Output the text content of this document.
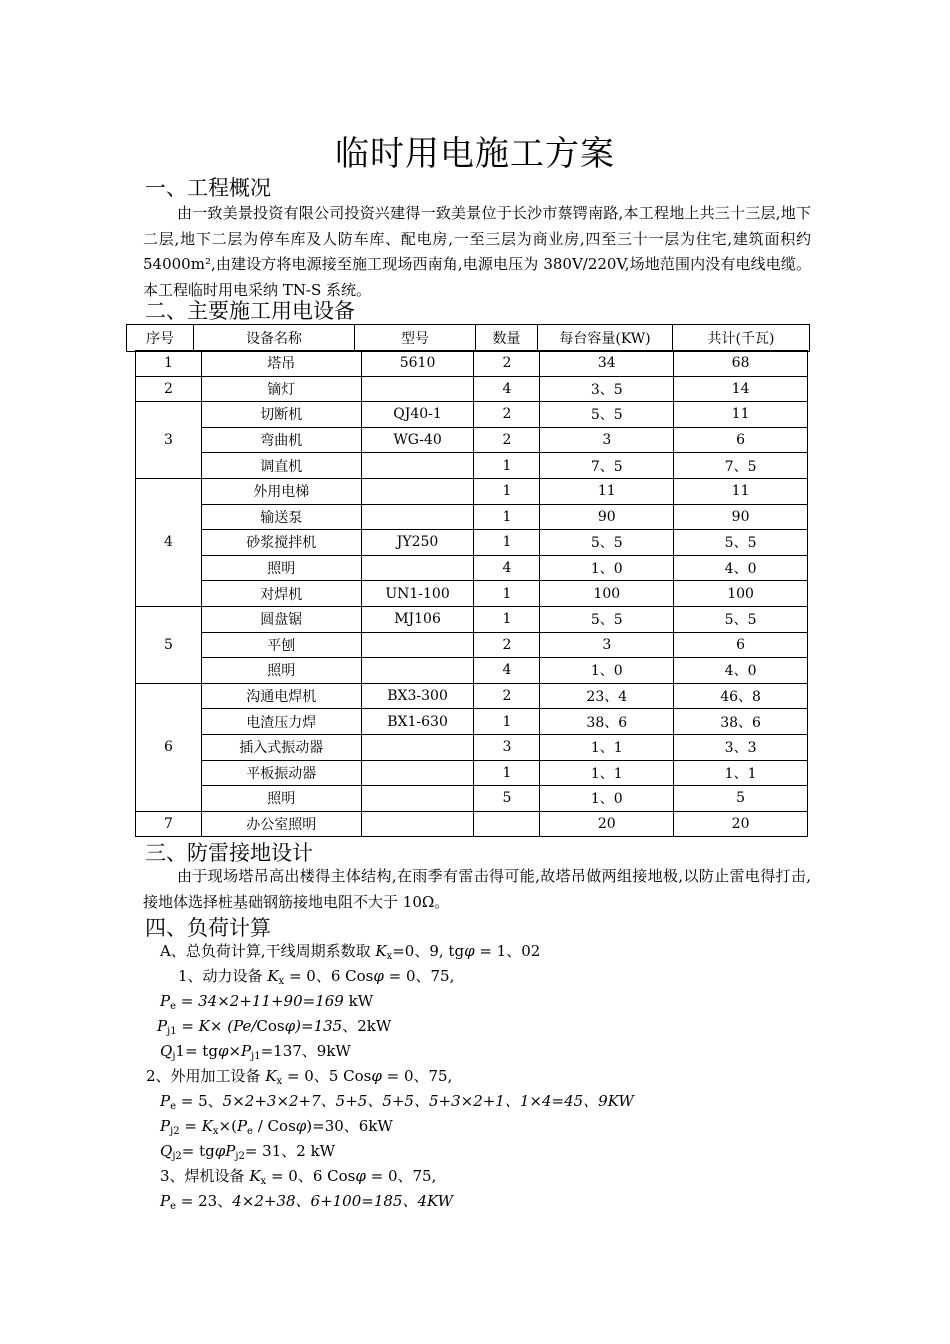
临时用电施工方案
一、工程概况
由一致美景投资有限公司投资兴建得一致美景位于长沙市蔡锷南路,本工程地上共三十三层,地下二层,地下二层为停车库及人防车库、配电房,一至三层为商业房,四至三十一层为住宅,建筑面积约 54000m²,由建设方将电源接至施工现场西南角,电源电压为 380V/220V,场地范围内没有电线电缆。本工程临时用电采纳 TN-S 系统。
二、主要施工用电设备
序号	设备名称	型号	数量	每台容量(KW)	共计(千瓦)
1	塔吊	5610	2	34	68
2	镝灯		4	3、5	14
3	切断机	QJ40-1	2	5、5	11
	弯曲机	WG-40	2	3	6
	调直机		1	7、5	7、5
4	外用电梯		1	11	11
	输送泵		1	90	90
	砂浆搅拌机	JY250	1	5、5	5、5
	照明		4	1、0	4、0
	对焊机	UN1-100	1	100	100
5	圆盘锯	MJ106	1	5、5	5、5
	平刨		2	3	6
	照明		4	1、0	4、0
6	沟通电焊机	BX3-300	2	23、4	46、8
	电渣压力焊	BX1-630	1	38、6	38、6
	插入式振动器		3	1、1	3、3
	平板振动器		1	1、1	1、1
	照明		5	1、0	5
7	办公室照明			20	20
三、防雷接地设计
由于现场塔吊高出楼得主体结构,在雨季有雷击得可能,故塔吊做两组接地极,以防止雷电得打击,接地体选择桩基础钢筋接地电阻不大于 10Ω。
四、负荷计算
A、总负荷计算,干线周期系数取 $K_x=0$、9, tgφ = 1、02
1、动力设备 $K_x = 0$、6 Cosφ = 0、75,
$P_e = 34\times 2+11+90=169$ kW
$P_{j1} = K\times (Pe/Cos\varphi)=135$、2kW
$Q_j1= tg\varphi\times P_{j1}=137$、9kW
2、外用加工设备 $K_x = 0$、5 Cosφ = 0、75,
$P_e = 5$、5×2+3×2+7、5+5、5+5、5+3×2+1、1×4=45、9KW
$P_{j2} = K_x\times(P_e / Cos\varphi)=30$、6kW
$Q_{j2}= tg\varphi P_{j2}= 31$、2 kW
3、焊机设备 $K_x = 0$、6 Cosφ = 0、75,
$P_e = 23$、4×2+38、6+100=185、4KW
